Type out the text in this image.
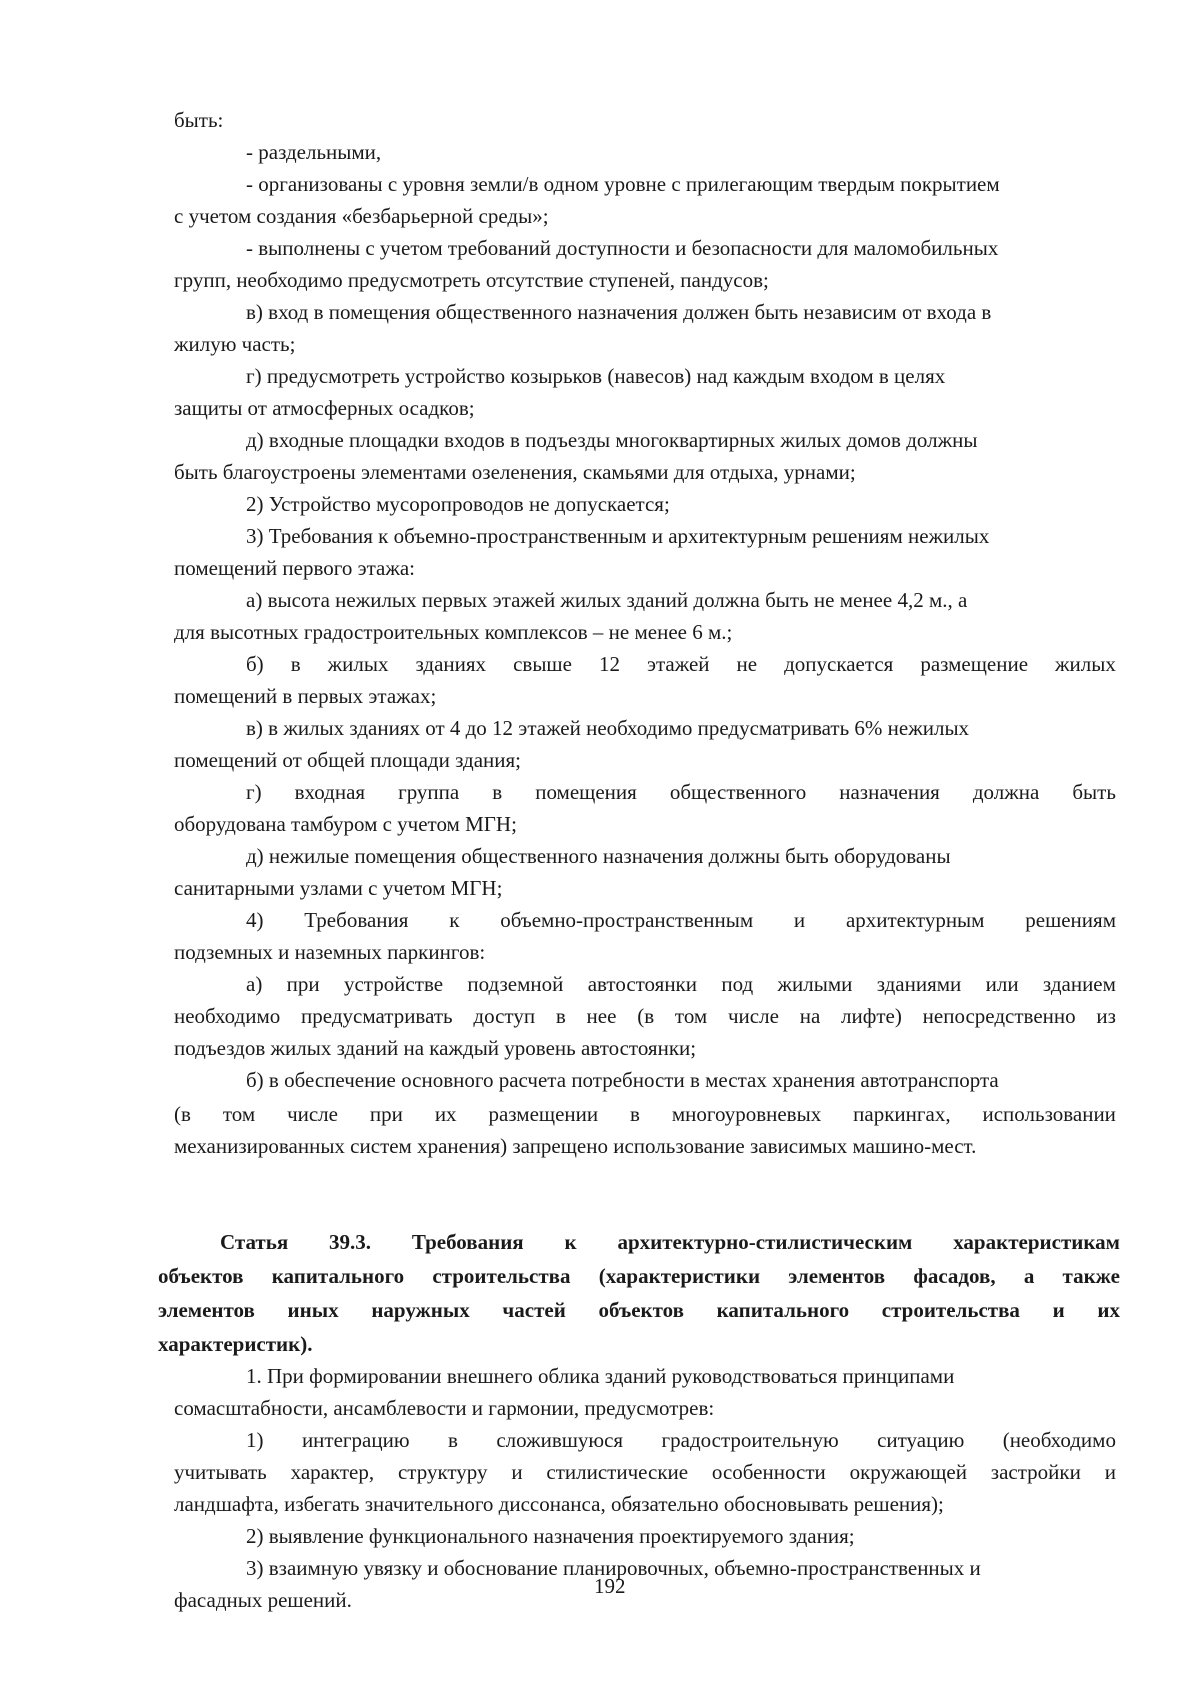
быть:
- раздельными,
- организованы с уровня земли/в одном уровне с прилегающим твердым покрытием
с учетом создания «безбарьерной среды»;
- выполнены с учетом требований доступности и безопасности для маломобильных
групп, необходимо предусмотреть отсутствие ступеней, пандусов;
в) вход в помещения общественного назначения должен быть независим от входа в
жилую часть;
г) предусмотреть устройство козырьков (навесов) над каждым входом в целях
защиты от атмосферных осадков;
д) входные площадки входов в подъезды многоквартирных жилых домов должны
быть благоустроены элементами озеленения, скамьями для отдыха, урнами;
2) Устройство мусоропроводов не допускается;
3) Требования к объемно-пространственным и архитектурным решениям нежилых
помещений первого этажа:
а) высота нежилых первых этажей жилых зданий должна быть не менее 4,2 м., а
для высотных градостроительных комплексов – не менее 6 м.;
б) в жилых зданиях свыше 12 этажей не допускается размещение жилых
помещений в первых этажах;
в) в жилых зданиях от 4 до 12 этажей необходимо предусматривать 6% нежилых
помещений от общей площади здания;
г) входная группа в помещения общественного назначения должна быть
оборудована тамбуром с учетом МГН;
д) нежилые помещения общественного назначения должны быть оборудованы
санитарными узлами с учетом МГН;
4) Требования к объемно-пространственным и архитектурным решениям
подземных и наземных паркингов:
а) при устройстве подземной автостоянки под жилыми зданиями или зданием
необходимо предусматривать доступ в нее (в том числе на лифте) непосредственно из
подъездов жилых зданий на каждый уровень автостоянки;
б) в обеспечение основного расчета потребности в местах хранения автотранспорта
(в том числе при их размещении в многоуровневых паркингах, использовании
механизированных систем хранения) запрещено использование зависимых машино-мест.
Статья 39.3. Требования к архитектурно-стилистическим характеристикам
объектов капитального строительства (характеристики элементов фасадов, а также
элементов иных наружных частей объектов капитального строительства и их
характеристик).
1. При формировании внешнего облика зданий руководствоваться принципами
сомасштабности, ансамблевости и гармонии, предусмотрев:
1) интеграцию в сложившуюся градостроительную ситуацию (необходимо
учитывать характер, структуру и стилистические особенности окружающей застройки и
ландшафта, избегать значительного диссонанса, обязательно обосновывать решения);
2) выявление функционального назначения проектируемого здания;
3) взаимную увязку и обоснование планировочных, объемно-пространственных и
фасадных решений.
192
